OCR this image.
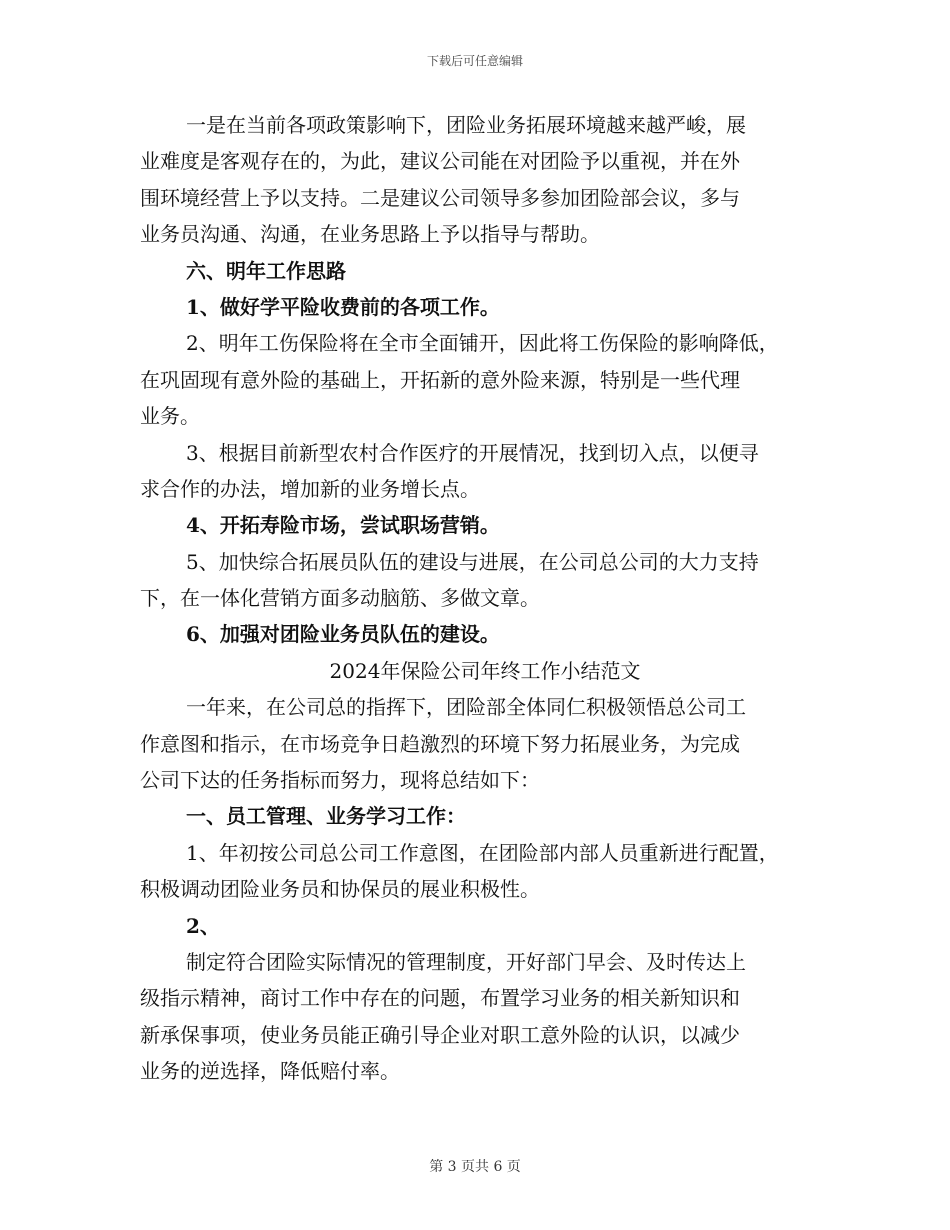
下载后可任意编辑
一是在当前各项政策影响下，团险业务拓展环境越来越严峻，展
业难度是客观存在的，为此，建议公司能在对团险予以重视，并在外
围环境经营上予以支持。二是建议公司领导多参加团险部会议，多与
业务员沟通、沟通，在业务思路上予以指导与帮助。
六、明年工作思路
1、做好学平险收费前的各项工作。
2、明年工伤保险将在全市全面铺开，因此将工伤保险的影响降低，
在巩固现有意外险的基础上，开拓新的意外险来源，特别是一些代理
业务。
3、根据目前新型农村合作医疗的开展情况，找到切入点，以便寻
求合作的办法，增加新的业务增长点。
4、开拓寿险市场，尝试职场营销。
5、加快综合拓展员队伍的建设与进展，在公司总公司的大力支持
下，在一体化营销方面多动脑筋、多做文章。
6、加强对团险业务员队伍的建设。
2024年保险公司年终工作小结范文
一年来，在公司总的指挥下，团险部全体同仁积极领悟总公司工
作意图和指示，在市场竞争日趋激烈的环境下努力拓展业务，为完成
公司下达的任务指标而努力，现将总结如下：
一、员工管理、业务学习工作：
1、年初按公司总公司工作意图，在团险部内部人员重新进行配置，
积极调动团险业务员和协保员的展业积极性。
2、
制定符合团险实际情况的管理制度，开好部门早会、及时传达上
级指示精神，商讨工作中存在的问题，布置学习业务的相关新知识和
新承保事项，使业务员能正确引导企业对职工意外险的认识，以减少
业务的逆选择，降低赔付率。
第 3 页共 6 页
